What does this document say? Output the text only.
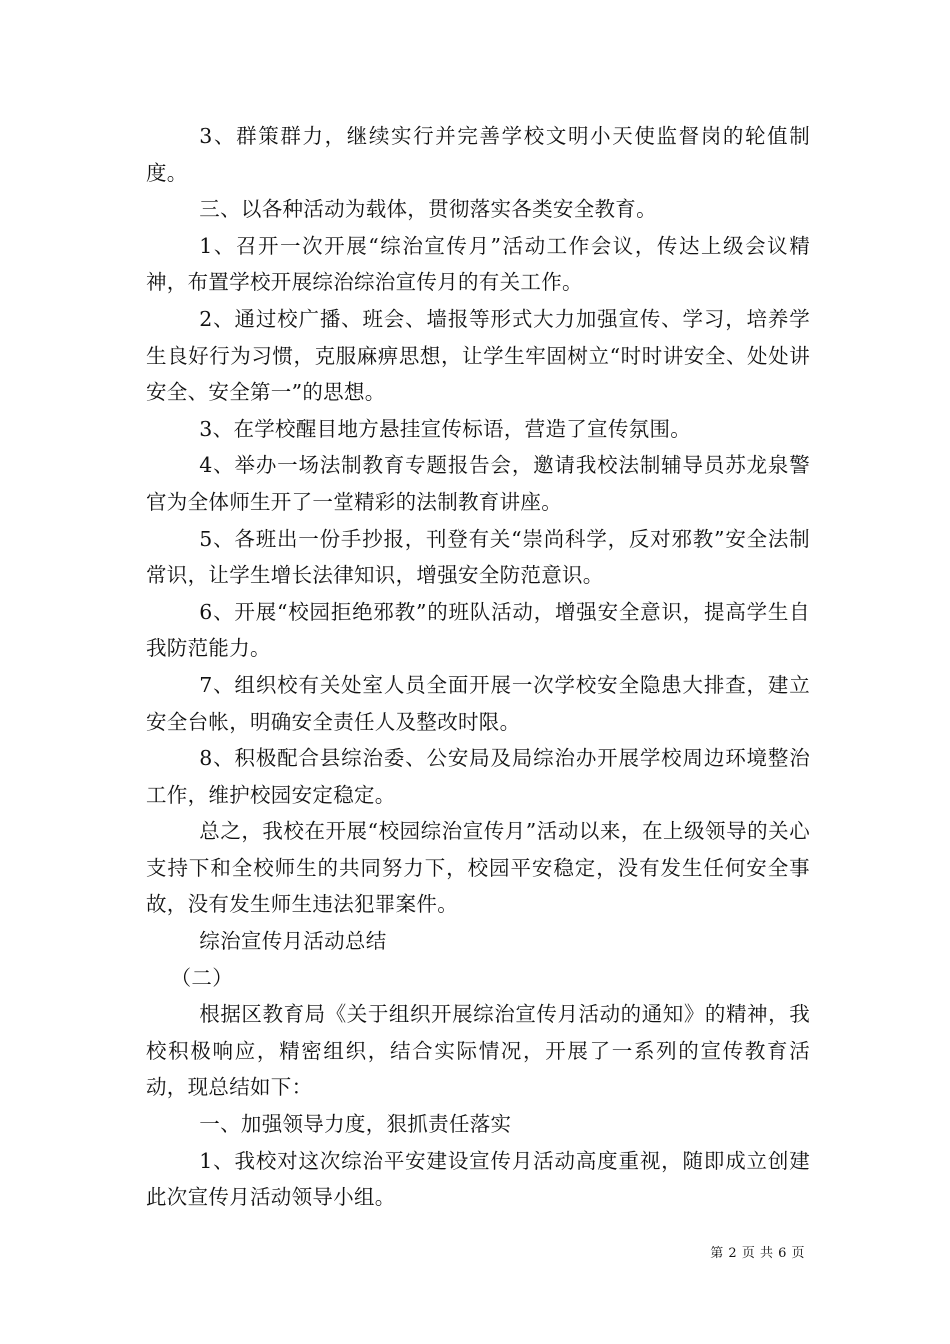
3、群策群力，继续实行并完善学校文明小天使监督岗的轮值制度。

三、以各种活动为载体，贯彻落实各类安全教育。

1、召开一次开展“综治宣传月”活动工作会议，传达上级会议精神，布置学校开展综治综治宣传月的有关工作。

2、通过校广播、班会、墙报等形式大力加强宣传、学习，培养学生良好行为习惯，克服麻痹思想，让学生牢固树立“时时讲安全、处处讲安全、安全第一”的思想。

3、在学校醒目地方悬挂宣传标语，营造了宣传氛围。

4、举办一场法制教育专题报告会，邀请我校法制辅导员苏龙泉警官为全体师生开了一堂精彩的法制教育讲座。

5、各班出一份手抄报，刊登有关“崇尚科学，反对邪教”安全法制常识，让学生增长法律知识，增强安全防范意识。

6、开展“校园拒绝邪教”的班队活动，增强安全意识，提高学生自我防范能力。

7、组织校有关处室人员全面开展一次学校安全隐患大排查，建立安全台帐，明确安全责任人及整改时限。

8、积极配合县综治委、公安局及局综治办开展学校周边环境整治工作，维护校园安定稳定。

总之，我校在开展“校园综治宣传月”活动以来，在上级领导的关心支持下和全校师生的共同努力下，校园平安稳定，没有发生任何安全事故，没有发生师生违法犯罪案件。

综治宣传月活动总结

（二）

根据区教育局《关于组织开展综治宣传月活动的通知》的精神，我校积极响应，精密组织，结合实际情况，开展了一系列的宣传教育活动，现总结如下：

一、加强领导力度，狠抓责任落实

1、我校对这次综治平安建设宣传月活动高度重视，随即成立创建此次宣传月活动领导小组。

第 2 页 共 6 页
